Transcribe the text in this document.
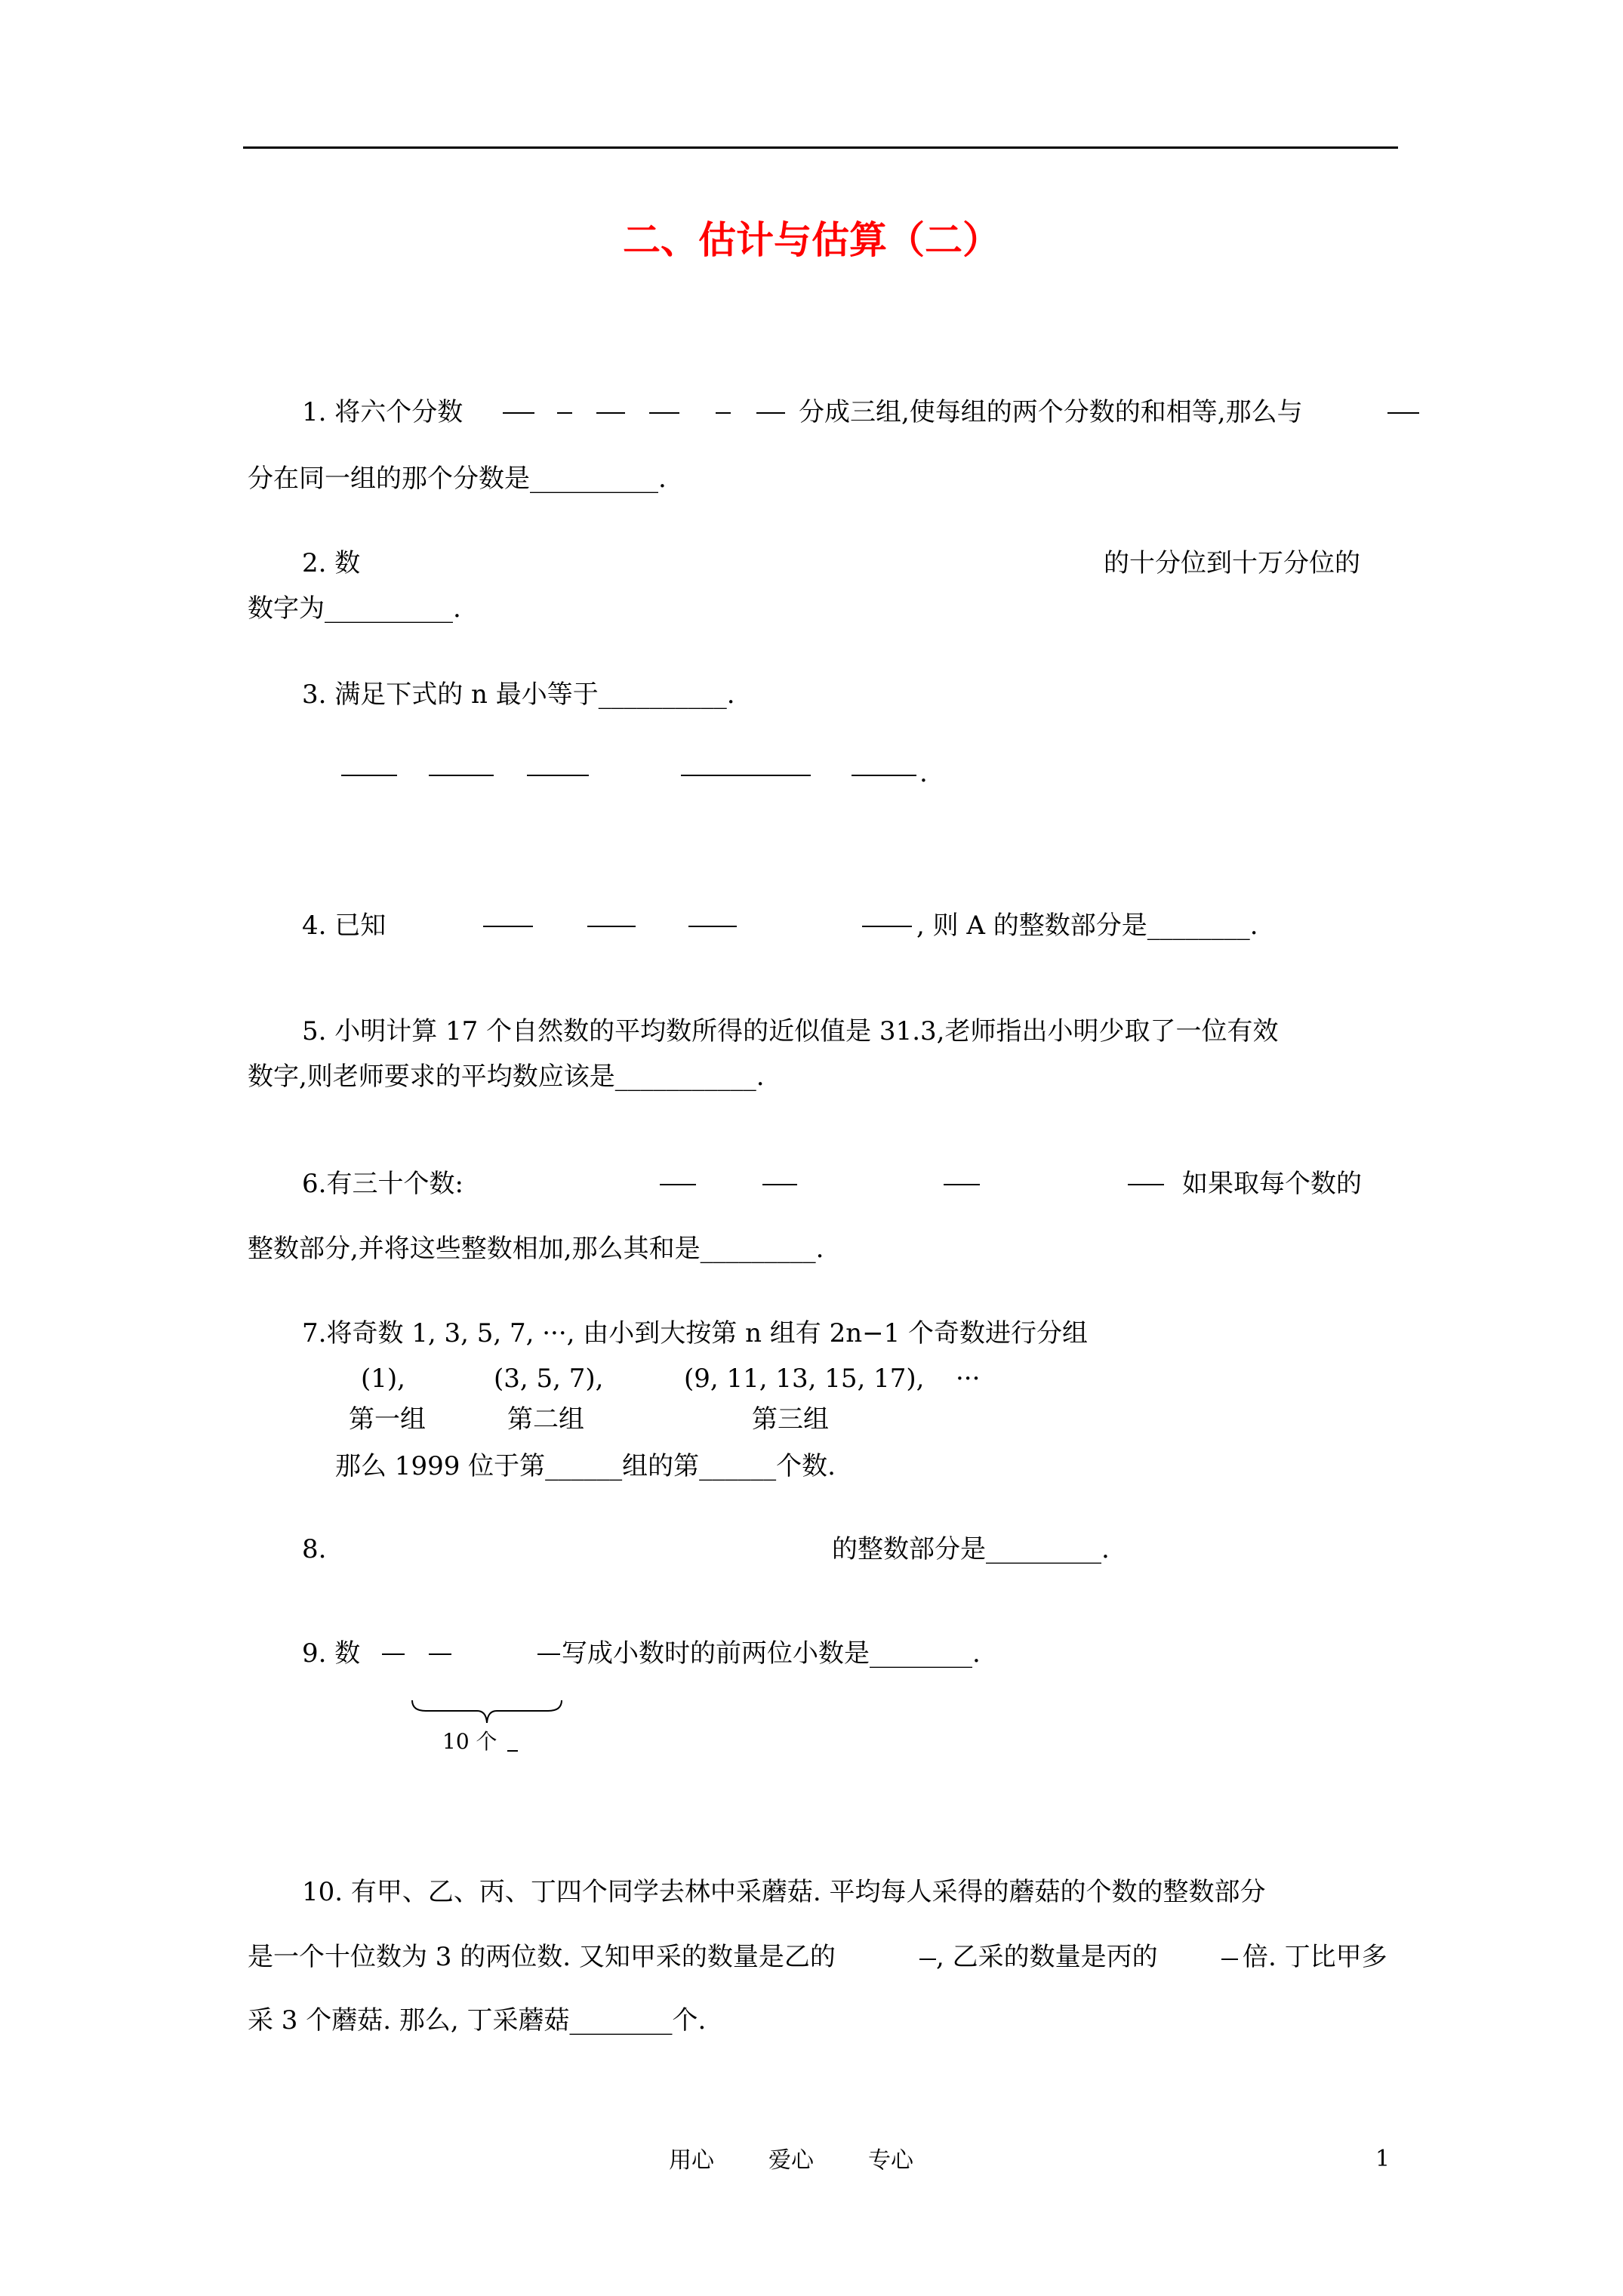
二、估计与估算（二）
1. 将六个分数	分成三组,使每组的两个分数的和相等,那么与
分在同一组的那个分数是__________.
2. 数	的十分位到十万分位的
数字为__________.
3. 满足下式的 n 最小等于__________.
.
4. 已知	, 则 A 的整数部分是________.
5. 小明计算 17 个自然数的平均数所得的近似值是 31.3,老师指出小明少取了一位有效
数字,则老师要求的平均数应该是___________.
6.有三十个数:	如果取每个数的
整数部分,并将这些整数相加,那么其和是_________.
7.将奇数 1, 3, 5, 7, ···, 由小到大按第 n 组有 2n−1 个奇数进行分组
(1),	(3, 5, 7),	(9, 11, 13, 15, 17), ···
第一组	第二组	第三组
那么 1999 位于第______组的第______个数.
8.	的整数部分是_________.
9. 数	写成小数时的前两位小数是________.
10 个
10. 有甲、乙、丙、丁四个同学去林中采蘑菇. 平均每人采得的蘑菇的个数的整数部分
是一个十位数为 3 的两位数. 又知甲采的数量是乙的	, 乙采的数量是丙的	倍. 丁比甲多
采 3 个蘑菇. 那么, 丁采蘑菇________个.
用心 爱心 专心	1
